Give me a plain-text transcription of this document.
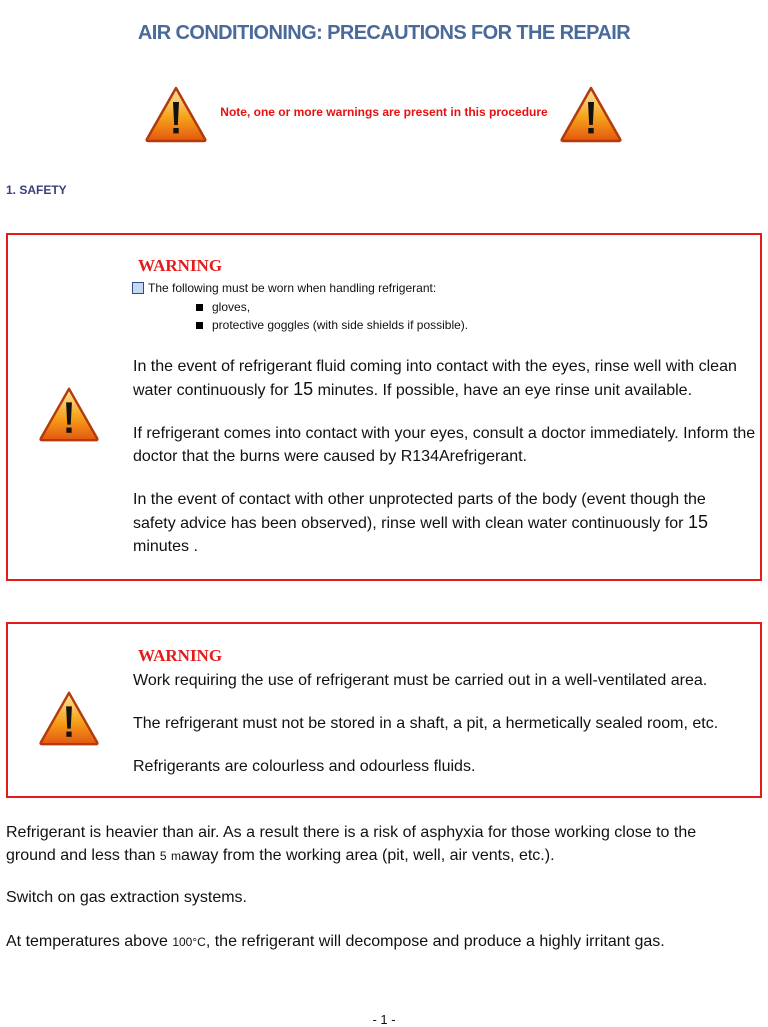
AIR CONDITIONING: PRECAUTIONS FOR THE REPAIR
Note, one or more warnings are present in this procedure
1. SAFETY
WARNING
The following must be worn when handling refrigerant:
gloves,
protective goggles (with side shields if possible).
In the event of refrigerant fluid coming into contact with the eyes, rinse well with clean water continuously for 15 minutes. If possible, have an eye rinse unit available.
If refrigerant comes into contact with your eyes, consult a doctor immediately. Inform the doctor that the burns were caused by R134Arefrigerant.
In the event of contact with other unprotected parts of the body (event though the safety advice has been observed), rinse well with clean water continuously for 15 minutes .
WARNING
Work requiring the use of refrigerant must be carried out in a well-ventilated area.
The refrigerant must not be stored in a shaft, a pit, a hermetically sealed room, etc.
Refrigerants are colourless and odourless fluids.
Refrigerant is heavier than air. As a result there is a risk of asphyxia for those working close to the ground and less than 5 maway from the working area (pit, well, air vents, etc.).
Switch on gas extraction systems.
At temperatures above 100°C, the refrigerant will decompose and produce a highly irritant gas.
- 1 -
